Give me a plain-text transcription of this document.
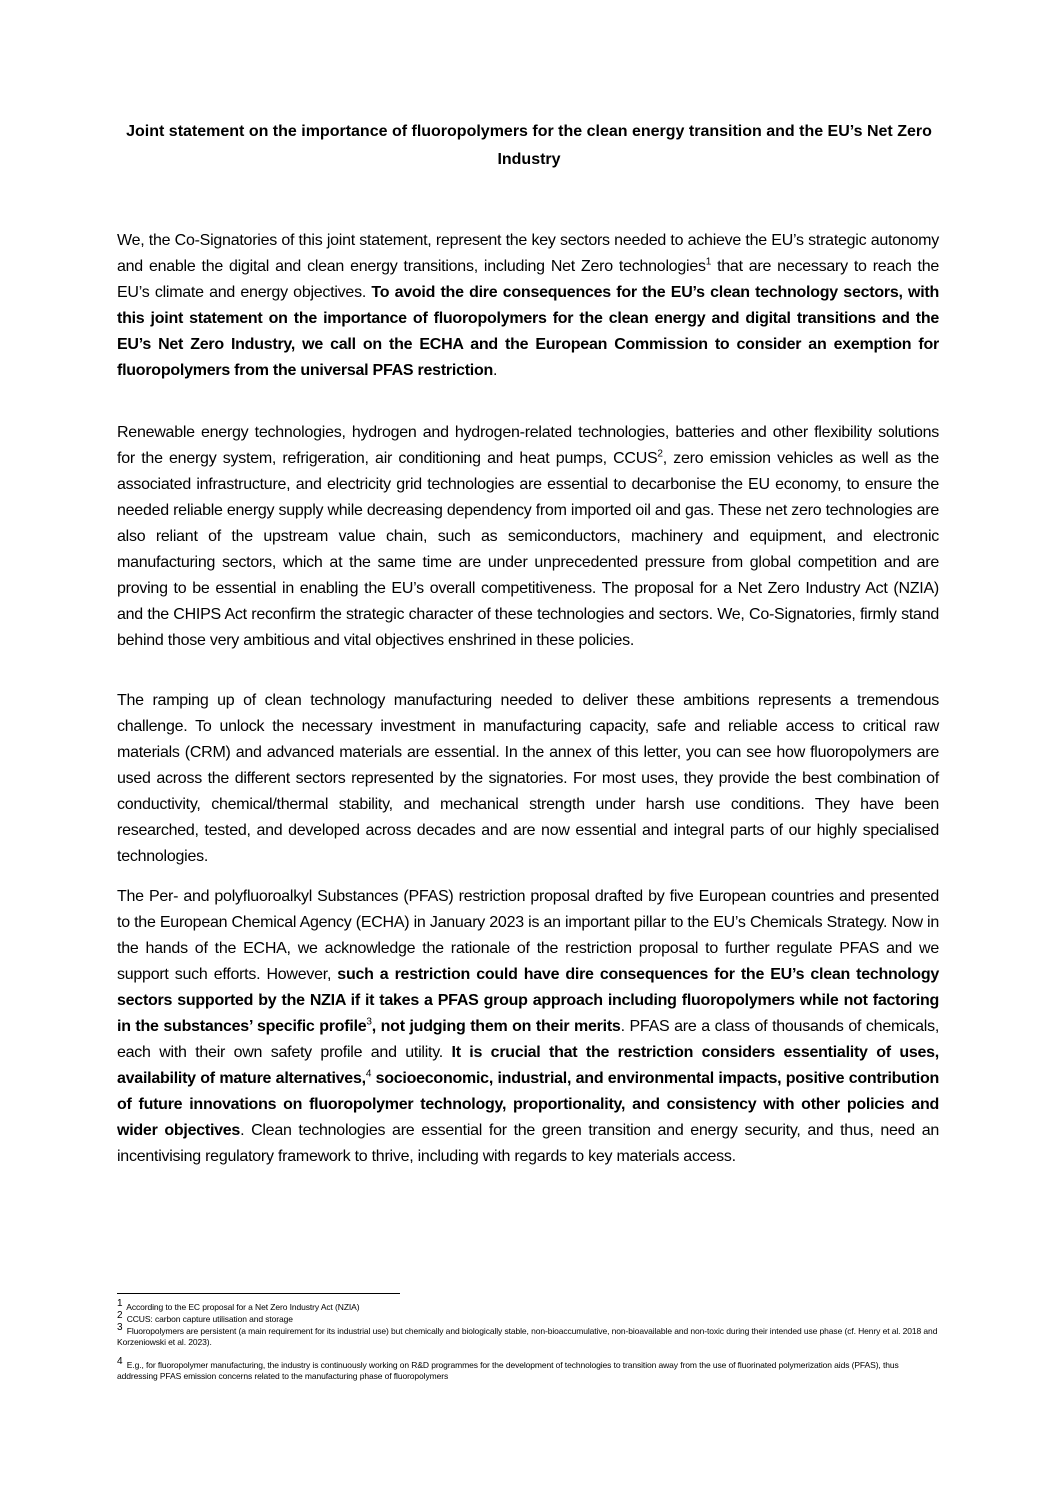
Joint statement on the importance of fluoropolymers for the clean energy transition and the EU’s Net Zero Industry

We, the Co-Signatories of this joint statement, represent the key sectors needed to achieve the EU’s strategic autonomy and enable the digital and clean energy transitions, including Net Zero technologies$^1$ that are necessary to reach the EU’s climate and energy objectives. To avoid the dire consequences for the EU’s clean technology sectors, with this joint statement on the importance of fluoropolymers for the clean energy and digital transitions and the EU’s Net Zero Industry, we call on the ECHA and the European Commission to consider an exemption for fluoropolymers from the universal PFAS restriction.

Renewable energy technologies, hydrogen and hydrogen-related technologies, batteries and other flexibility solutions for the energy system, refrigeration, air conditioning and heat pumps, CCUS$^2$, zero emission vehicles as well as the associated infrastructure, and electricity grid technologies are essential to decarbonise the EU economy, to ensure the needed reliable energy supply while decreasing dependency from imported oil and gas. These net zero technologies are also reliant of the upstream value chain, such as semiconductors, machinery and equipment, and electronic manufacturing sectors, which at the same time are under unprecedented pressure from global competition and are proving to be essential in enabling the EU’s overall competitiveness. The proposal for a Net Zero Industry Act (NZIA) and the CHIPS Act reconfirm the strategic character of these technologies and sectors. We, Co-Signatories, firmly stand behind those very ambitious and vital objectives enshrined in these policies.

The ramping up of clean technology manufacturing needed to deliver these ambitions represents a tremendous challenge. To unlock the necessary investment in manufacturing capacity, safe and reliable access to critical raw materials (CRM) and advanced materials are essential. In the annex of this letter, you can see how fluoropolymers are used across the different sectors represented by the signatories. For most uses, they provide the best combination of conductivity, chemical/thermal stability, and mechanical strength under harsh use conditions. They have been researched, tested, and developed across decades and are now essential and integral parts of our highly specialised technologies.

The Per- and polyfluoroalkyl Substances (PFAS) restriction proposal drafted by five European countries and presented to the European Chemical Agency (ECHA) in January 2023 is an important pillar to the EU’s Chemicals Strategy. Now in the hands of the ECHA, we acknowledge the rationale of the restriction proposal to further regulate PFAS and we support such efforts. However, such a restriction could have dire consequences for the EU’s clean technology sectors supported by the NZIA if it takes a PFAS group approach including fluoropolymers while not factoring in the substances’ specific profile$^3$, not judging them on their merits. PFAS are a class of thousands of chemicals, each with their own safety profile and utility. It is crucial that the restriction considers essentiality of uses, availability of mature alternatives,$^4$ socioeconomic, industrial, and environmental impacts, positive contribution of future innovations on fluoropolymer technology, proportionality, and consistency with other policies and wider objectives. Clean technologies are essential for the green transition and energy security, and thus, need an incentivising regulatory framework to thrive, including with regards to key materials access.

$^1$ According to the EC proposal for a Net Zero Industry Act (NZIA)

$^2$ CCUS: carbon capture utilisation and storage

$^3$ Fluoropolymers are persistent (a main requirement for its industrial use) but chemically and biologically stable, non-bioaccumulative, non-bioavailable and non-toxic during their intended use phase (cf. Henry et al. 2018 and Korzeniowski et al. 2023).

$^4$ E.g., for fluoropolymer manufacturing, the industry is continuously working on R&D programmes for the development of technologies to transition away from the use of fluorinated polymerization aids (PFAS), thus addressing PFAS emission concerns related to the manufacturing phase of fluoropolymers
